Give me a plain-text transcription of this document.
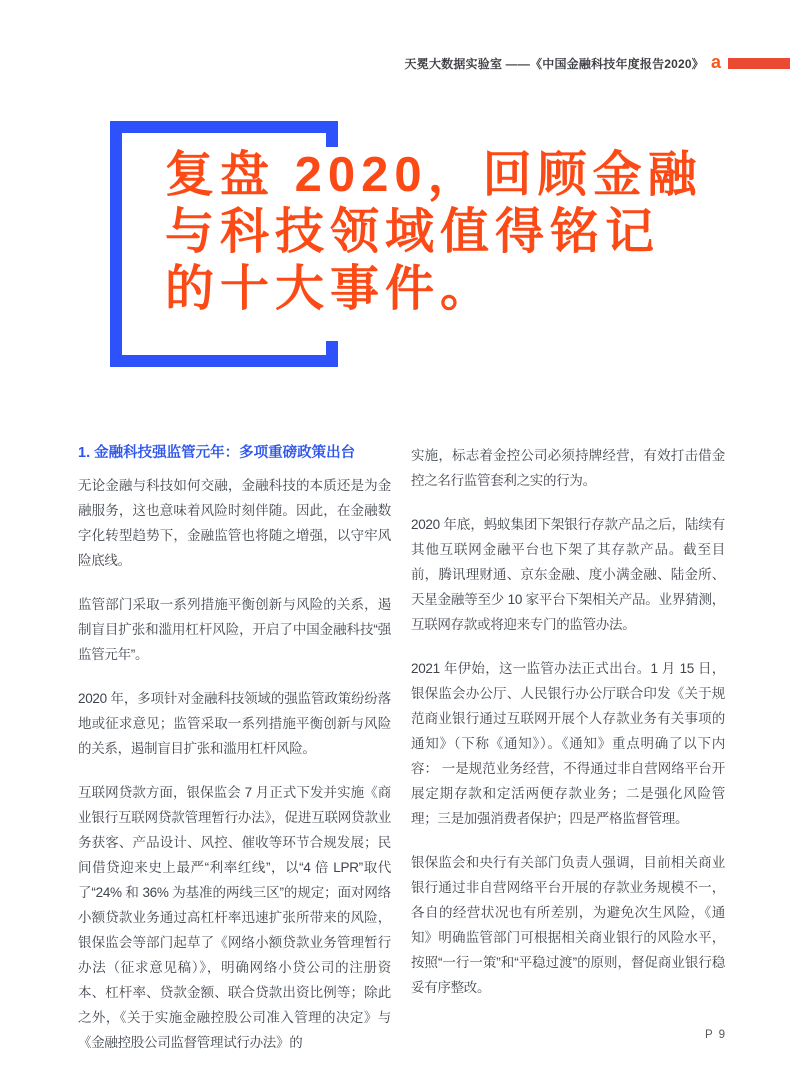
天冕大数据实验室 ——《中国金融科技年度报告2020》 a
复盘 2020，回顾金融
与科技领域值得铭记
的十大事件。
1. 金融科技强监管元年：多项重磅政策出台

无论金融与科技如何交融，金融科技的本质还是为金融服务，这也意味着风险时刻伴随。因此，在金融数字化转型趋势下，金融监管也将随之增强，以守牢风险底线。

监管部门采取一系列措施平衡创新与风险的关系，遏制盲目扩张和滥用杠杆风险，开启了中国金融科技“强监管元年”。

2020 年，多项针对金融科技领域的强监管政策纷纷落地或征求意见；监管采取一系列措施平衡创新与风险的关系，遏制盲目扩张和滥用杠杆风险。

互联网贷款方面，银保监会 7 月正式下发并实施《商业银行互联网贷款管理暂行办法》，促进互联网贷款业务获客、产品设计、风控、催收等环节合规发展；民间借贷迎来史上最严“利率红线”，以“4 倍 LPR”取代了“24% 和 36% 为基准的两线三区”的规定；面对网络小额贷款业务通过高杠杆率迅速扩张所带来的风险，银保监会等部门起草了《网络小额贷款业务管理暂行办法（征求意见稿）》，明确网络小贷公司的注册资本、杠杆率、贷款金额、联合贷款出资比例等；除此之外，《关于实施金融控股公司准入管理的决定》与《金融控股公司监督管理试行办法》的

实施，标志着金控公司必须持牌经营，有效打击借金控之名行监管套利之实的行为。

2020 年底，蚂蚁集团下架银行存款产品之后，陆续有其他互联网金融平台也下架了其存款产品。截至目前，腾讯理财通、京东金融、度小满金融、陆金所、天星金融等至少 10 家平台下架相关产品。业界猜测，互联网存款或将迎来专门的监管办法。

2021 年伊始，这一监管办法正式出台。1 月 15 日，银保监会办公厅、人民银行办公厅联合印发《关于规范商业银行通过互联网开展个人存款业务有关事项的通知》（下称《通知》）。《通知》重点明确了以下内容： 一是规范业务经营，不得通过非自营网络平台开展定期存款和定活两便存款业务；二是强化风险管理；三是加强消费者保护；四是严格监督管理。

银保监会和央行有关部门负责人强调，目前相关商业银行通过非自营网络平台开展的存款业务规模不一，各自的经营状况也有所差别，为避免次生风险，《通知》明确监管部门可根据相关商业银行的风险水平，按照“一行一策”和“平稳过渡”的原则，督促商业银行稳妥有序整改。

P 9
